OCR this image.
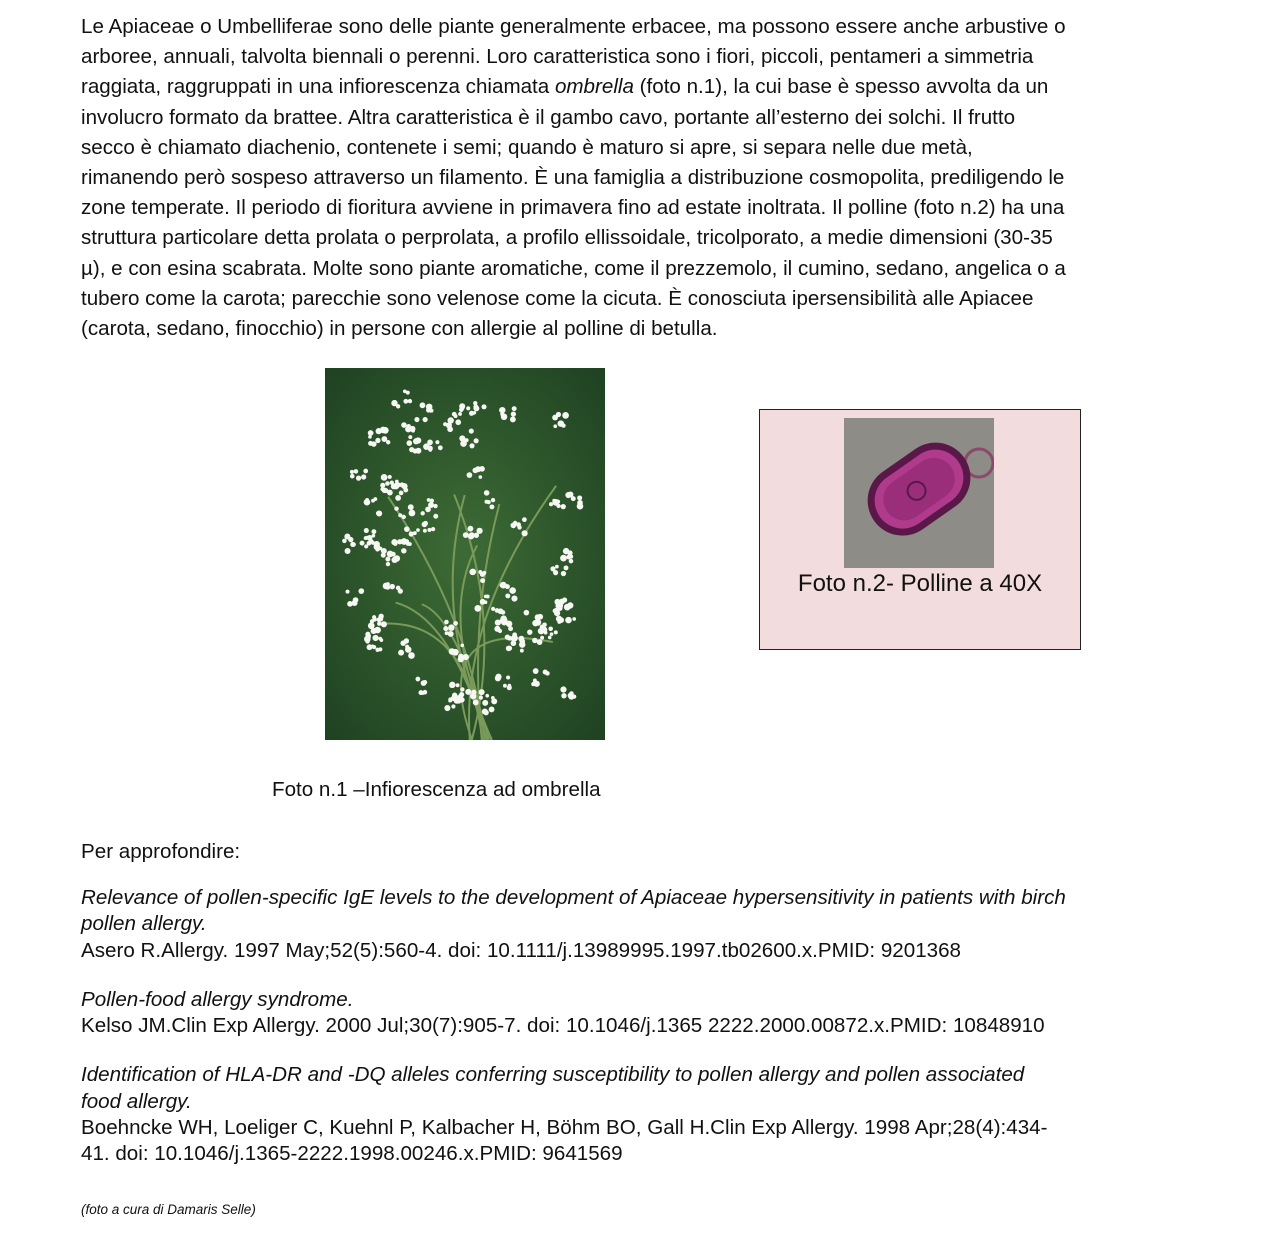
Le Apiaceae o Umbelliferae sono delle piante generalmente erbacee, ma possono essere anche arbustive o
arboree, annuali, talvolta biennali o perenni. Loro caratteristica sono i fiori, piccoli, pentameri a simmetria
raggiata, raggruppati in una infiorescenza chiamata ombrella (foto n.1), la cui base è spesso avvolta da un
involucro formato da brattee. Altra caratteristica è il gambo cavo, portante all’esterno dei solchi. Il frutto
secco è chiamato diachenio, contenete i semi; quando è maturo si apre, si separa nelle due metà,
rimanendo però sospeso attraverso un filamento. È una famiglia a distribuzione cosmopolita, prediligendo le
zone temperate. Il periodo di fioritura avviene in primavera fino ad estate inoltrata. Il polline (foto n.2) ha una
struttura particolare detta prolata o perprolata, a profilo ellissoidale, tricolporato, a medie dimensioni (30-35
µ), e con esina scabrata. Molte sono piante aromatiche, come il prezzemolo, il cumino, sedano, angelica o a
tubero come la carota; parecchie sono velenose come la cicuta. È conosciuta ipersensibilità alle Apiacee
(carota, sedano, finocchio) in persone con allergie al polline di betulla.
Foto n.2- Polline a 40X
Foto n.1 –Infiorescenza ad ombrella
Per approfondire:
Relevance of pollen-specific IgE levels to the development of Apiaceae hypersensitivity in patients with birch
pollen allergy.
Asero R.Allergy. 1997 May;52(5):560-4. doi: 10.1111/j.13989995.1997.tb02600.x.PMID: 9201368
Pollen-food allergy syndrome.
Kelso JM.Clin Exp Allergy. 2000 Jul;30(7):905-7. doi: 10.1046/j.1365 2222.2000.00872.x.PMID: 10848910
Identification of HLA-DR and -DQ alleles conferring susceptibility to pollen allergy and pollen associated
food allergy.
Boehncke WH, Loeliger C, Kuehnl P, Kalbacher H, Böhm BO, Gall H.Clin Exp Allergy. 1998 Apr;28(4):434-
41. doi: 10.1046/j.1365-2222.1998.00246.x.PMID: 9641569
(foto a cura di Damaris Selle)
